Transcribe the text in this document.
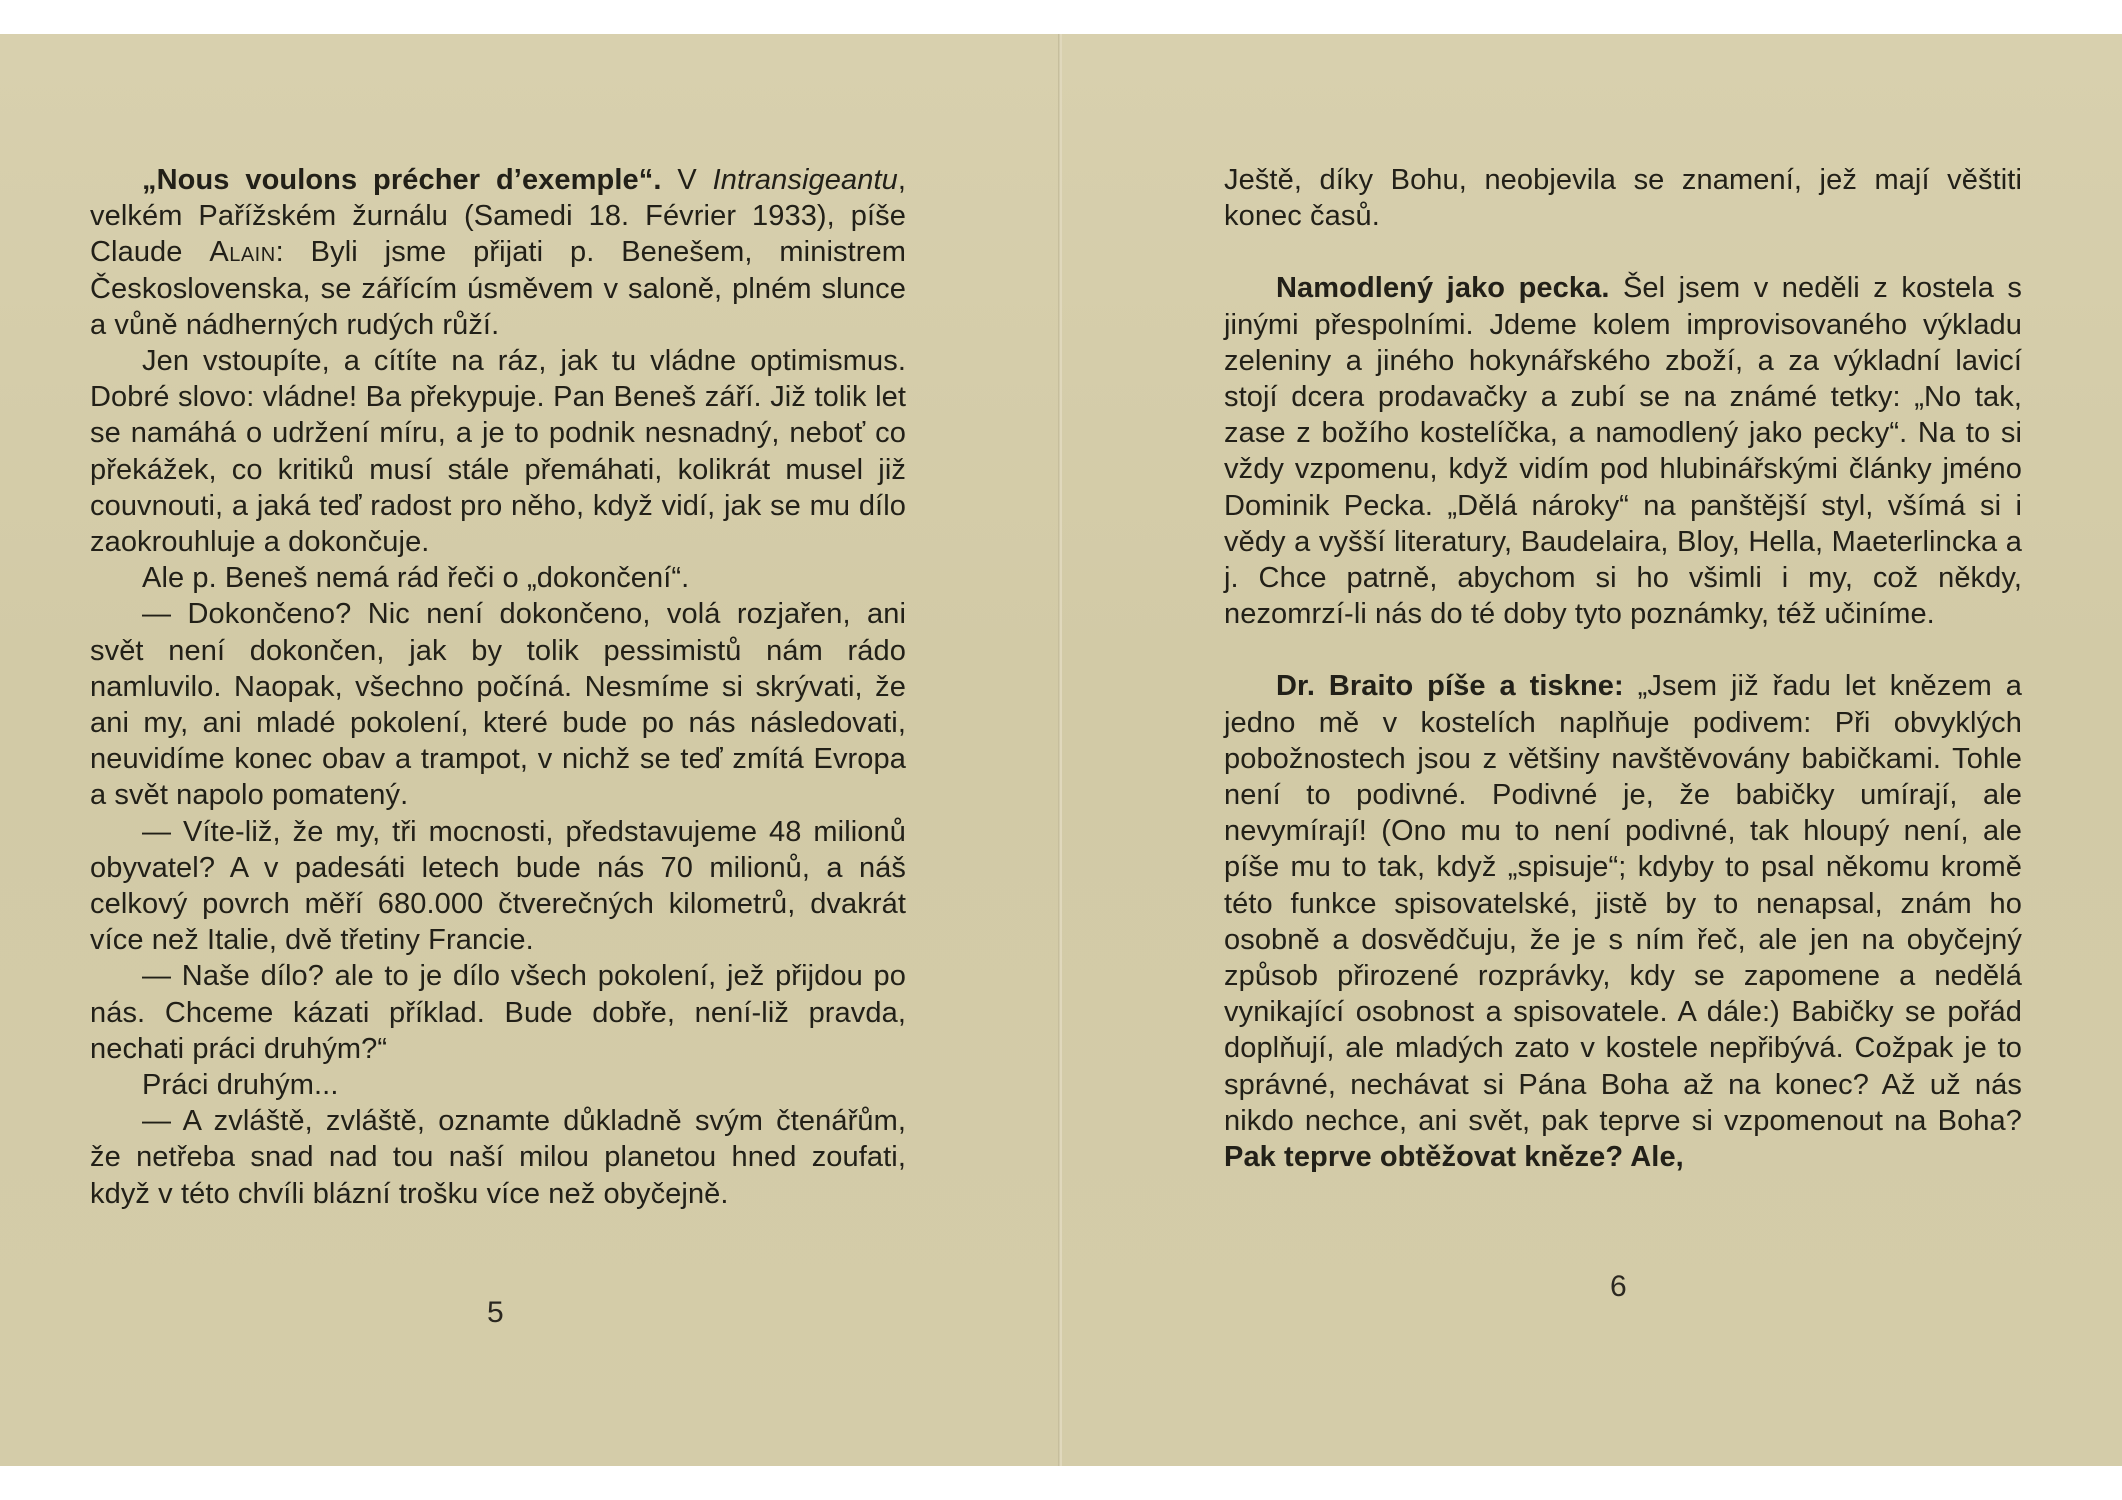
„Nous voulons précher d’exemple“. V Intransigeantu, velkém Pařížském žurnálu (Samedi 18. Février 1933), píše Claude Alain: Byli jsme přijati p. Benešem, ministrem Československa, se zářícím úsměvem v saloně, plném slunce a vůně nádherných rudých růží.

Jen vstoupíte, a cítíte na ráz, jak tu vládne optimismus. Dobré slovo: vládne! Ba překypuje. Pan Beneš září. Již tolik let se namáhá o udržení míru, a je to podnik nesnadný, neboť co překážek, co kritiků musí stále přemáhati, kolikrát musel již couvnouti, a jaká teď radost pro něho, když vidí, jak se mu dílo zaokrouhluje a dokončuje.

Ale p. Beneš nemá rád řeči o „dokončení“.

— Dokončeno? Nic není dokončeno, volá rozjařen, ani svět není dokončen, jak by tolik pessimistů nám rádo namluvilo. Naopak, všechno počíná. Nesmíme si skrývati, že ani my, ani mladé pokolení, které bude po nás následovati, neuvidíme konec obav a trampot, v nichž se teď zmítá Evropa a svět napolo pomatený.

— Víte-liž, že my, tři mocnosti, představujeme 48 milionů obyvatel? A v padesáti letech bude nás 70 milionů, a náš celkový povrch měří 680.000 čtverečných kilometrů, dvakrát více než Italie, dvě třetiny Francie.

— Naše dílo? ale to je dílo všech pokolení, jež přijdou po nás. Chceme kázati příklad. Bude dobře, není-liž pravda, nechati práci druhým?“

Práci druhým...

— A zvláště, zvláště, oznamte důkladně svým čtenářům, že netřeba snad nad tou naší milou planetou hned zoufati, když v této chvíli blázní trošku více než obyčejně.

5

Ještě, díky Bohu, neobjevila se znamení, jež mají věštiti konec časů.

Namodlený jako pecka. Šel jsem v neděli z kostela s jinými přespolními. Jdeme kolem improvisovaného výkladu zeleniny a jiného hokynářského zboží, a za výkladní lavicí stojí dcera prodavačky a zubí se na známé tetky: „No tak, zase z božího kostelíčka, a namodlený jako pecky“. Na to si vždy vzpomenu, když vidím pod hlubinářskými články jméno Dominik Pecka. „Dělá nároky“ na panštější styl, všímá si i vědy a vyšší literatury, Baudelaira, Bloy, Hella, Maeterlincka a j. Chce patrně, abychom si ho všimli i my, což někdy, nezomrzí-li nás do té doby tyto poznámky, též učiníme.

Dr. Braito píše a tiskne: „Jsem již řadu let knězem a jedno mě v kostelích naplňuje podivem: Při obvyklých pobožnostech jsou z většiny navštěvovány babičkami. Tohle není to podivné. Podivné je, že babičky umírají, ale nevymírají! (Ono mu to není podivné, tak hloupý není, ale píše mu to tak, když „spisuje“; kdyby to psal někomu kromě této funkce spisovatelské, jistě by to nenapsal, znám ho osobně a dosvědčuju, že je s ním řeč, ale jen na obyčejný způsob přirozené rozprávky, kdy se zapomene a nedělá vynikající osobnost a spisovatele. A dále:) Babičky se pořád doplňují, ale mladých zato v kostele nepřibývá. Cožpak je to správné, nechávat si Pána Boha až na konec? Až už nás nikdo nechce, ani svět, pak teprve si vzpomenout na Boha? Pak teprve obtěžovat kněze? Ale,

6
